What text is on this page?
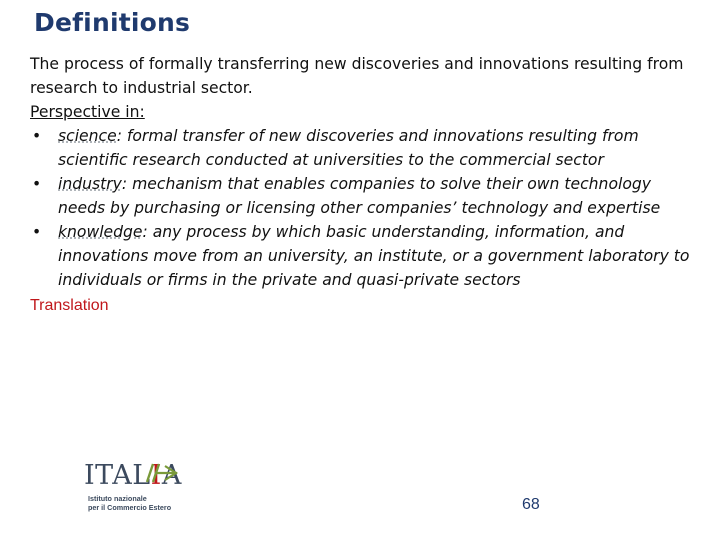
Definitions

The process of formally transferring new discoveries and innovations resulting from research to industrial sector.

Perspective in:

• science: formal transfer of new discoveries and innovations resulting from scientific research conducted at universities to the commercial sector
• industry: mechanism that enables companies to solve their own technology needs by purchasing or licensing other companies’ technology and expertise
• knowledge: any process by which basic understanding, information, and innovations move from an university, an institute, or a government laboratory to individuals or firms in the private and quasi-private sectors

Translation

ITALIA
Istituto nazionale
per il Commercio Estero	68
